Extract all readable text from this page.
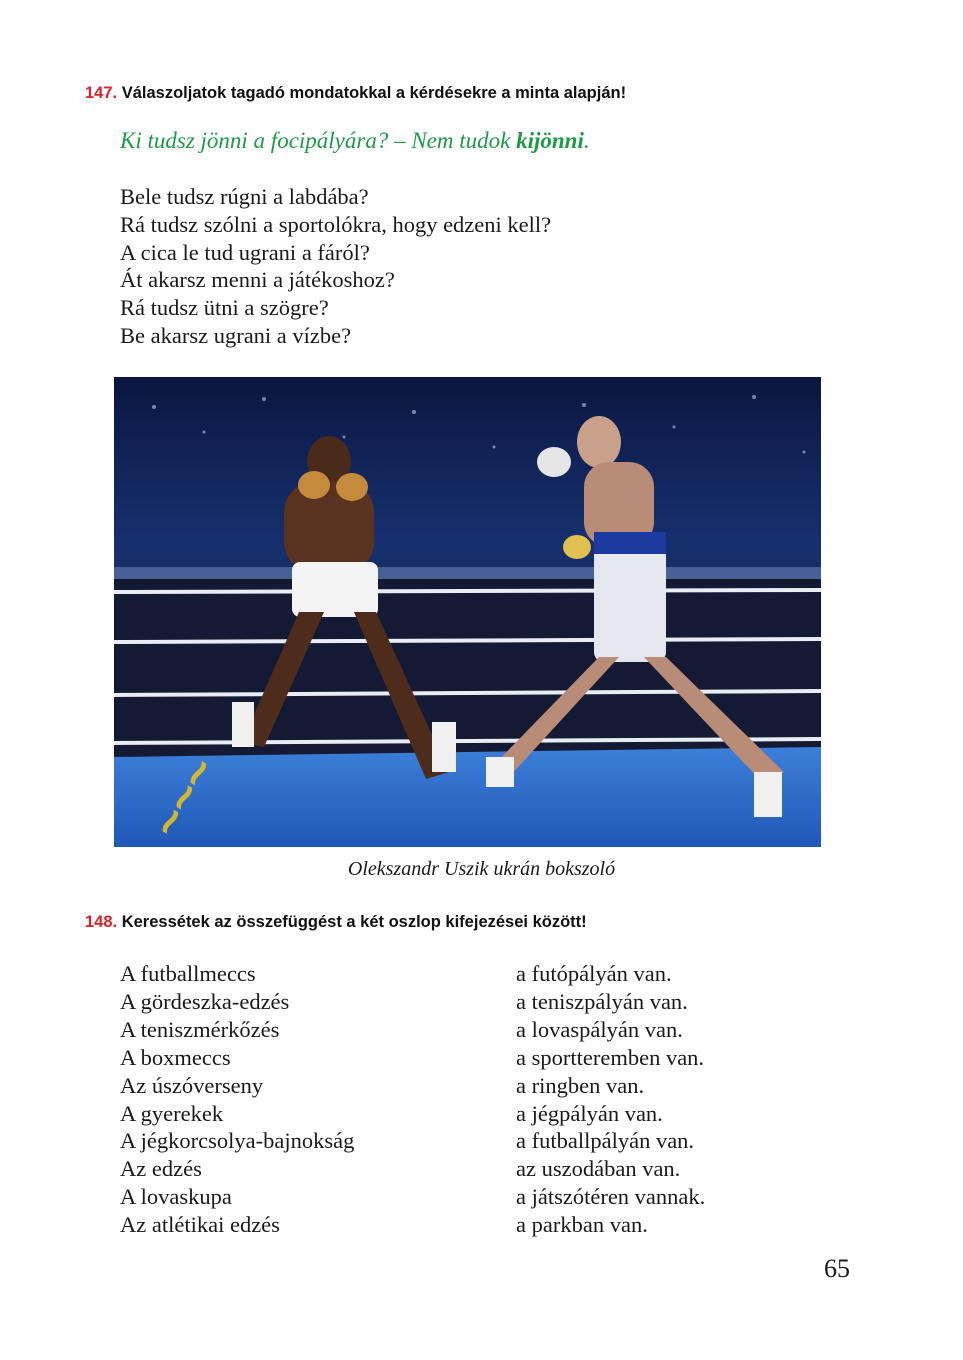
147. Válaszoljatok tagadó mondatokkal a kérdésekre a minta alapján!
Ki tudsz jönni a focipályára? – Nem tudok kijönni.
Bele tudsz rúgni a labdába?
Rá tudsz szólni a sportolókra, hogy edzeni kell?
A cica le tud ugrani a fáról?
Át akarsz menni a játékoshoz?
Rá tudsz ütni a szögre?
Be akarsz ugrani a vízbe?
~~~
Olekszandr Uszik ukrán bokszoló
148. Keressétek az összefüggést a két oszlop kifejezései között!
A futballmeccs
A gördeszka-edzés
A teniszmérkőzés
A boxmeccs
Az úszóverseny
A gyerekek
A jégkorcsolya-bajnokság
Az edzés
A lovaskupa
Az atlétikai edzés
a futópályán van.
a teniszpályán van.
a lovaspályán van.
a sportteremben van.
a ringben van.
a jégpályán van.
a futballpályán van.
az uszodában van.
a játszótéren vannak.
a parkban van.
65
